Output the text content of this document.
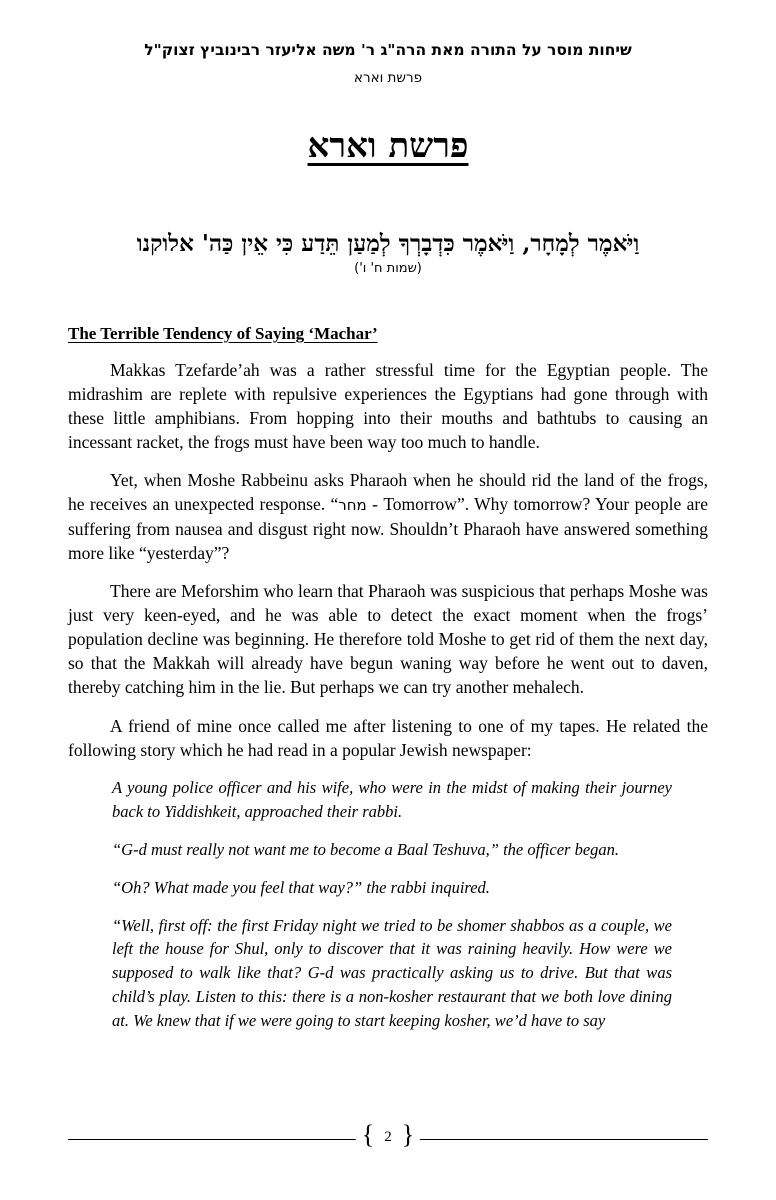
שיחות מוסר על התורה מאת הרה"ג ר' משה אליעזר רבינוביץ זצוק"ל
פרשת וארא
פרשת וארא
וַיֹּאמֶר לְמָחָר, וַיֹּאמֶר כִּדְבָרְךָ לְמַעַן תֵּדַע כִּי אֵין כַּה' אלוקנו
(שמות ח' ו')
The Terrible Tendency of Saying ‘Machar’

Makkas Tzefarde’ah was a rather stressful time for the Egyptian people. The midrashim are replete with repulsive experiences the Egyptians had gone through with these little amphibians. From hopping into their mouths and bathtubs to causing an incessant racket, the frogs must have been way too much to handle.

Yet, when Moshe Rabbeinu asks Pharaoh when he should rid the land of the frogs, he receives an unexpected response. “מחר - Tomorrow”. Why tomorrow? Your people are suffering from nausea and disgust right now. Shouldn’t Pharaoh have answered something more like “yesterday”?

There are Meforshim who learn that Pharaoh was suspicious that perhaps Moshe was just very keen-eyed, and he was able to detect the exact moment when the frogs’ population decline was beginning. He therefore told Moshe to get rid of them the next day, so that the Makkah will already have begun waning way before he went out to daven, thereby catching him in the lie. But perhaps we can try another mehalech.

A friend of mine once called me after listening to one of my tapes. He related the following story which he had read in a popular Jewish newspaper:

A young police officer and his wife, who were in the midst of making their journey back to Yiddishkeit, approached their rabbi.

“G-d must really not want me to become a Baal Teshuva,” the officer began.

“Oh? What made you feel that way?” the rabbi inquired.

“Well, first off: the first Friday night we tried to be shomer shabbos as a couple, we left the house for Shul, only to discover that it was raining heavily. How were we supposed to walk like that? G-d was practically asking us to drive. But that was child’s play. Listen to this: there is a non-kosher restaurant that we both love dining at. We knew that if we were going to start keeping kosher, we’d have to say

{ 2 }
